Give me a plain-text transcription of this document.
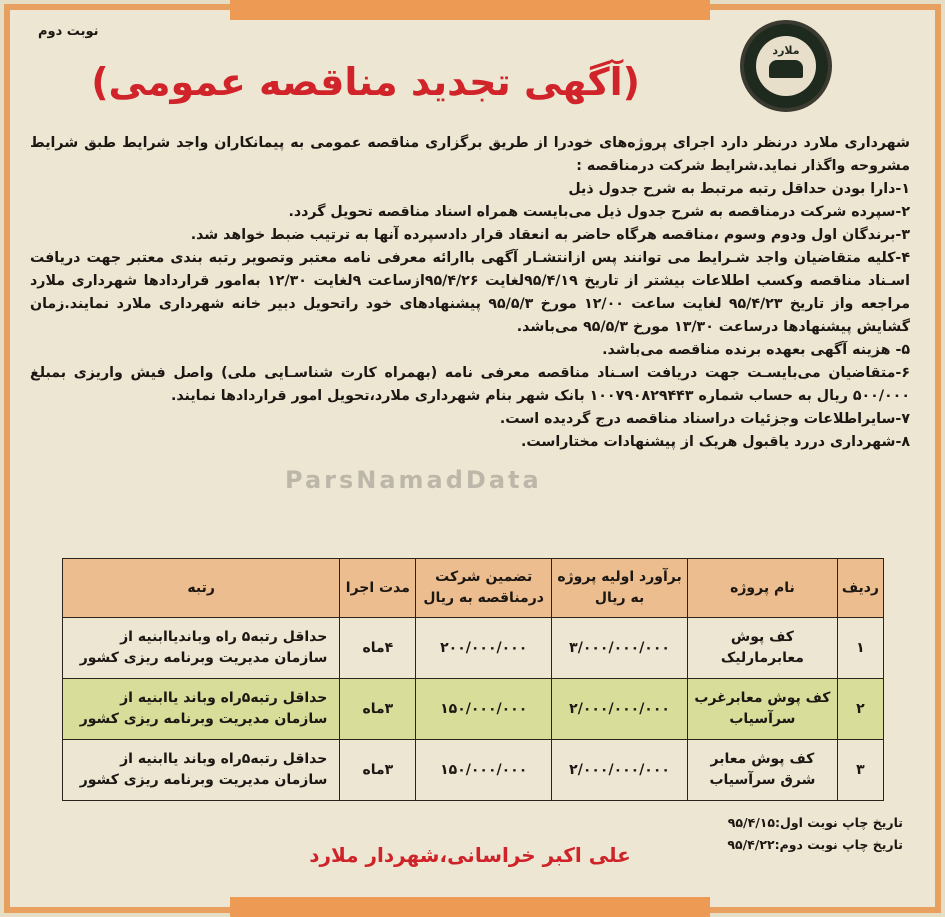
نوبت دوم
ملارد
(آگهی تجدید مناقصه عمومی)

شهرداری ملارد درنظر دارد اجرای پروژه‌های خودرا از طریق برگزاری مناقصه عمومی به پیمانکاران واجد شرایط طبق شرایط مشروحه واگذار نماید.شرایط شرکت درمناقصه :

۱-دارا بودن حداقل رتبه مرتبط به شرح جدول ذیل

۲-سپرده شرکت درمناقصه به شرح جدول ذیل می‌بایست همراه اسناد مناقصه تحویل گردد.

۳-برندگان اول ودوم وسوم ،مناقصه هرگاه حاضر به انعقاد قرار دادسپرده آنها به ترتیب ضبط خواهد شد.

۴-کلیه متقاضیان واجد شـرایط می توانند پس ازانتشـار آگهی باارائه معرفی نامه معتبر وتصویر رتبه بندی معتبر جهت دریافت اسـناد مناقصه وکسب اطلاعات بیشتر از تاریخ ۹۵/۴/۱۹لغایت ۹۵/۴/۲۶ازساعت ۹لغایت ۱۲/۳۰ به‌امور قراردادها شهرداری ملارد مراجعه واز تاریخ ۹۵/۴/۲۳ لغایت ساعت ۱۲/۰۰ مورخ ۹۵/۵/۳ پیشنهادهای خود راتحویل دبیر خانه شهرداری ملارد نمایند.زمان گشایش پیشنهادها درساعت ۱۳/۳۰ مورخ ۹۵/۵/۳ می‌باشد.

۵- هزینه آگهی بعهده برنده مناقصه می‌باشد.

۶-متقاضیان می‌بایسـت جهت دریافت اسـناد مناقصه معرفی نامه (بهمراه کارت شناسـایی ملی) واصل فیش واریزی بمبلغ ۵۰۰/۰۰۰ ریال به حساب شماره ۱۰۰۷۹۰۸۲۹۴۴۳ بانک شهر بنام شهرداری ملارد،تحویل امور قراردادها نمایند.

۷-سایراطلاعات وجزئیات دراسناد مناقصه درج گردیده است.

۸-شهرداری دررد یاقبول هریک از پیشنهادات مختاراست.

ParsNamadData
ردیف	نام پروژه	برآورد اولیه پروژه به ریال	تضمین شرکت درمناقصه به ریال	مدت اجرا	رتبه
۱	کف پوش معابرمارلیک	۳/۰۰۰/۰۰۰/۰۰۰	۲۰۰/۰۰۰/۰۰۰	۴ماه	حداقل رتبه۵ راه وباندیاابنیه از سازمان مدیریت وبرنامه ریزی کشور
۲	کف پوش معابرغرب سرآسیاب	۲/۰۰۰/۰۰۰/۰۰۰	۱۵۰/۰۰۰/۰۰۰	۳ماه	حداقل رتبه۵راه وباند یاابنیه از سازمان مدیریت وبرنامه ریزی کشور
۳	کف پوش معابر شرق سرآسیاب	۲/۰۰۰/۰۰۰/۰۰۰	۱۵۰/۰۰۰/۰۰۰	۳ماه	حداقل رتبه۵راه وباند یاابنیه از سازمان مدیریت وبرنامه ریزی کشور
تاریخ چاپ نوبت اول:۹۵/۴/۱۵
تاریخ چاپ نوبت دوم:۹۵/۴/۲۲
علی اکبر خراسانی،شهردار ملارد
